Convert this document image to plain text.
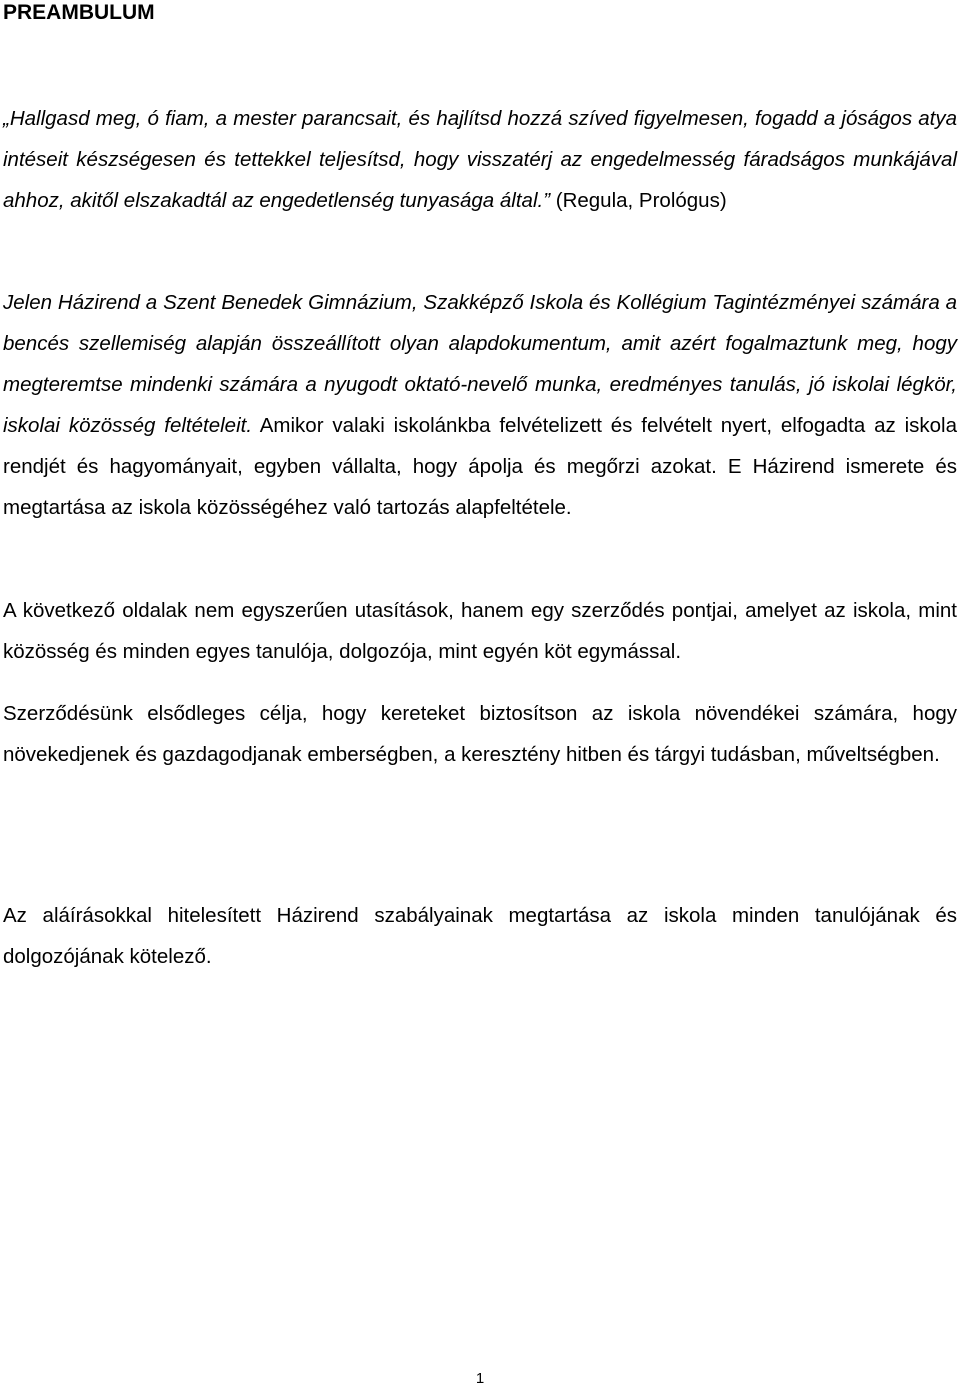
PREAMBULUM

„Hallgasd meg, ó fiam, a mester parancsait, és hajlítsd hozzá szíved figyelmesen, fogadd a jóságos atya intéseit készségesen és tettekkel teljesítsd, hogy visszatérj az engedelmesség fáradságos munkájával ahhoz, akitől elszakadtál az engedetlenség tunyasága által.” (Regula, Prológus)

Jelen Házirend a Szent Benedek Gimnázium, Szakképző Iskola és Kollégium Tagintézményei számára a bencés szellemiség alapján összeállított olyan alapdokumentum, amit azért fogalmaztunk meg, hogy megteremtse mindenki számára a nyugodt oktató-nevelő munka, eredményes tanulás, jó iskolai légkör, iskolai közösség feltételeit. Amikor valaki iskolánkba felvételizett és felvételt nyert, elfogadta az iskola rendjét és hagyományait, egyben vállalta, hogy ápolja és megőrzi azokat. E Házirend ismerete és megtartása az iskola közösségéhez való tartozás alapfeltétele.

A következő oldalak nem egyszerűen utasítások, hanem egy szerződés pontjai, amelyet az iskola, mint közösség és minden egyes tanulója, dolgozója, mint egyén köt egymással.

Szerződésünk elsődleges célja, hogy kereteket biztosítson az iskola növendékei számára, hogy növekedjenek és gazdagodjanak emberségben, a keresztény hitben és tárgyi tudásban, műveltségben.

Az aláírásokkal hitelesített Házirend szabályainak megtartása az iskola minden tanulójának és dolgozójának kötelező.

1
